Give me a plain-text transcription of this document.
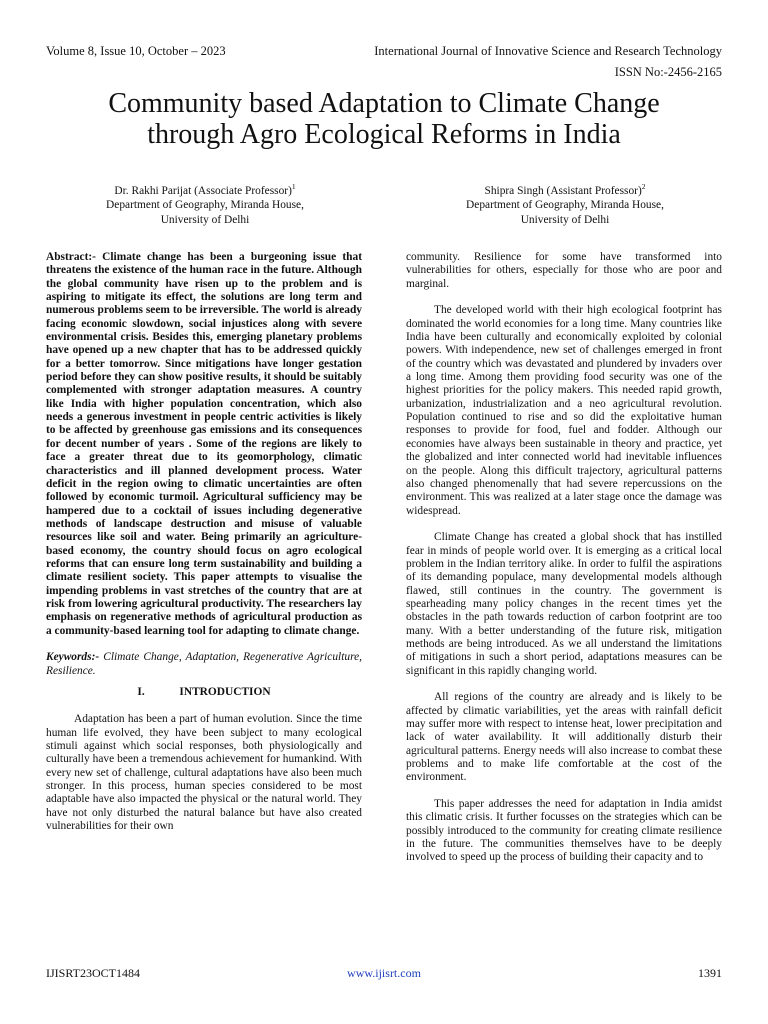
Volume 8, Issue 10, October – 2023	International Journal of Innovative Science and Research Technology
ISSN No:-2456-2165
Community based Adaptation to Climate Change
through Agro Ecological Reforms in India
Dr. Rakhi Parijat (Associate Professor)$^1$
Department of Geography, Miranda House,
University of Delhi
Shipra Singh (Assistant Professor)$^2$
Department of Geography, Miranda House,
University of Delhi

Abstract:- Climate change has been a burgeoning issue that threatens the existence of the human race in the future. Although the global community have risen up to the problem and is aspiring to mitigate its effect, the solutions are long term and numerous problems seem to be irreversible. The world is already facing economic slowdown, social injustices along with severe environmental crisis. Besides this, emerging planetary problems have opened up a new chapter that has to be addressed quickly for a better tomorrow. Since mitigations have longer gestation period before they can show positive results, it should be suitably complemented with stronger adaptation measures. A country like India with higher population concentration, which also needs a generous investment in people centric activities is likely to be affected by greenhouse gas emissions and its consequences for decent number of years . Some of the regions are likely to face a greater threat due to its geomorphology, climatic characteristics and ill planned development process. Water deficit in the region owing to climatic uncertainties are often followed by economic turmoil. Agricultural sufficiency may be hampered due to a cocktail of issues including degenerative methods of landscape destruction and misuse of valuable resources like soil and water. Being primarily an agriculture-based economy, the country should focus on agro ecological reforms that can ensure long term sustainability and building a climate resilient society. This paper attempts to visualise the impending problems in vast stretches of the country that are at risk from lowering agricultural productivity. The researchers lay emphasis on regenerative methods of agricultural production as a community-based learning tool for adapting to climate change.

Keywords:- Climate Change, Adaptation, Regenerative Agriculture, Resilience.

I.	INTRODUCTION

Adaptation has been a part of human evolution. Since the time human life evolved, they have been subject to many ecological stimuli against which social responses, both physiologically and culturally have been a tremendous achievement for humankind. With every new set of challenge, cultural adaptations have also been much stronger. In this process, human species considered to be most adaptable have also impacted the physical or the natural world. They have not only disturbed the natural balance but have also created vulnerabilities for their own

community. Resilience for some have transformed into vulnerabilities for others, especially for those who are poor and marginal.

The developed world with their high ecological footprint has dominated the world economies for a long time. Many countries like India have been culturally and economically exploited by colonial powers. With independence, new set of challenges emerged in front of the country which was devastated and plundered by invaders over a long time. Among them providing food security was one of the highest priorities for the policy makers. This needed rapid growth, urbanization, industrialization and a neo agricultural revolution. Population continued to rise and so did the exploitative human responses to provide for food, fuel and fodder. Although our economies have always been sustainable in theory and practice, yet the globalized and inter connected world had inevitable influences on the people. Along this difficult trajectory, agricultural patterns also changed phenomenally that had severe repercussions on the environment. This was realized at a later stage once the damage was widespread.

Climate Change has created a global shock that has instilled fear in minds of people world over. It is emerging as a critical local problem in the Indian territory alike. In order to fulfil the aspirations of its demanding populace, many developmental models although flawed, still continues in the country. The government is spearheading many policy changes in the recent times yet the obstacles in the path towards reduction of carbon footprint are too many. With a better understanding of the future risk, mitigation methods are being introduced. As we all understand the limitations of mitigations in such a short period, adaptations measures can be significant in this rapidly changing world.

All regions of the country are already and is likely to be affected by climatic variabilities, yet the areas with rainfall deficit may suffer more with respect to intense heat, lower precipitation and lack of water availability. It will additionally disturb their agricultural patterns. Energy needs will also increase to combat these problems and to make life comfortable at the cost of the environment.

This paper addresses the need for adaptation in India amidst this climatic crisis. It further focusses on the strategies which can be possibly introduced to the community for creating climate resilience in the future. The communities themselves have to be deeply involved to speed up the process of building their capacity and to

IJISRT23OCT1484	www.ijisrt.com	1391
